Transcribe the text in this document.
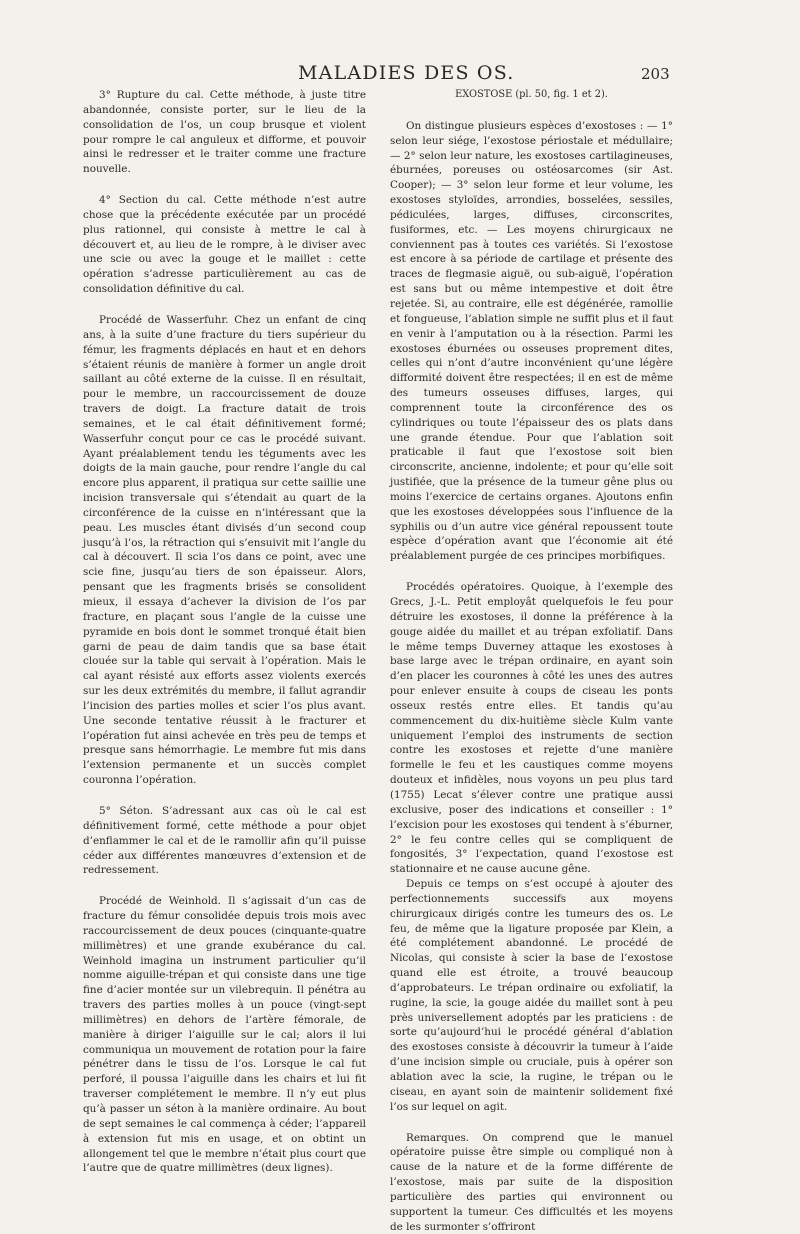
MALADIES DES OS.	203

3° Rupture du cal. Cette méthode, à juste titre abandonnée, consiste porter, sur le lieu de la consolidation de l’os, un coup brusque et violent pour rompre le cal anguleux et difforme, et pouvoir ainsi le redresser et le traiter comme une fracture nouvelle.

4° Section du cal. Cette méthode n’est autre chose que la précédente exécutée par un procédé plus rationnel, qui consiste à mettre le cal à découvert et, au lieu de le rompre, à le diviser avec une scie ou avec la gouge et le maillet : cette opération s’adresse particulièrement au cas de consolidation définitive du cal.

Procédé de Wasserfuhr. Chez un enfant de cinq ans, à la suite d’une fracture du tiers supérieur du fémur, les fragments déplacés en haut et en dehors s’étaient réunis de manière à former un angle droit saillant au côté externe de la cuisse. Il en résultait, pour le membre, un raccourcissement de douze travers de doigt. La fracture datait de trois semaines, et le cal était définitivement formé; Wasserfuhr conçut pour ce cas le procédé suivant. Ayant préalablement tendu les téguments avec les doigts de la main gauche, pour rendre l’angle du cal encore plus apparent, il pratiqua sur cette saillie une incision transversale qui s’étendait au quart de la circonférence de la cuisse en n’intéressant que la peau. Les muscles étant divisés d’un second coup jusqu’à l’os, la rétraction qui s’ensuivit mit l’angle du cal à découvert. Il scia l’os dans ce point, avec une scie fine, jusqu’au tiers de son épaisseur. Alors, pensant que les fragments brisés se consolident mieux, il essaya d’achever la division de l’os par fracture, en plaçant sous l’angle de la cuisse une pyramide en bois dont le sommet tronqué était bien garni de peau de daim tandis que sa base était clouée sur la table qui servait à l’opération. Mais le cal ayant résisté aux efforts assez violents exercés sur les deux extrémités du membre, il fallut agrandir l’incision des parties molles et scier l’os plus avant. Une seconde tentative réussit à le fracturer et l’opération fut ainsi achevée en très peu de temps et presque sans hémorrhagie. Le membre fut mis dans l’extension permanente et un succès complet couronna l’opération.

5° Séton. S’adressant aux cas où le cal est définitivement formé, cette méthode a pour objet d’enflammer le cal et de le ramollir afin qu’il puisse céder aux différentes manœuvres d’extension et de redressement.

Procédé de Weinhold. Il s’agissait d’un cas de fracture du fémur consolidée depuis trois mois avec raccourcissement de deux pouces (cinquante-quatre millimètres) et une grande exubérance du cal. Weinhold imagina un instrument particulier qu’il nomme aiguille-trépan et qui consiste dans une tige fine d’acier montée sur un vilebrequin. Il pénétra au travers des parties molles à un pouce (vingt-sept millimètres) en dehors de l’artère fémorale, de manière à diriger l’aiguille sur le cal; alors il lui communiqua un mouvement de rotation pour la faire pénétrer dans le tissu de l’os. Lorsque le cal fut perforé, il poussa l’aiguille dans les chairs et lui fit traverser complétement le membre. Il n’y eut plus qu’à passer un séton à la manière ordinaire. Au bout de sept semaines le cal commença à céder; l’appareil à extension fut mis en usage, et on obtint un allongement tel que le membre n’était plus court que l’autre que de quatre millimètres (deux lignes).

EXOSTOSE (pl. 50, fig. 1 et 2).

On distingue plusieurs espèces d’exostoses : — 1° selon leur siége, l’exostose périostale et médullaire; — 2° selon leur nature, les exostoses cartilagineuses, éburnées, poreuses ou ostéosarcomes (sir Ast. Cooper); — 3° selon leur forme et leur volume, les exostoses styloïdes, arrondies, bosselées, sessiles, pédiculées, larges, diffuses, circonscrites, fusiformes, etc. — Les moyens chirurgicaux ne conviennent pas à toutes ces variétés. Si l’exostose est encore à sa période de cartilage et présente des traces de flegmasie aiguë, ou sub-aiguë, l’opération est sans but ou même intempestive et doit être rejetée. Si, au contraire, elle est dégénérée, ramollie et fongueuse, l’ablation simple ne suffit plus et il faut en venir à l’amputation ou à la résection. Parmi les exostoses éburnées ou osseuses proprement dites, celles qui n’ont d’autre inconvénient qu’une légère difformité doivent être respectées; il en est de même des tumeurs osseuses diffuses, larges, qui comprennent toute la circonférence des os cylindriques ou toute l’épaisseur des os plats dans une grande étendue. Pour que l’ablation soit praticable il faut que l’exostose soit bien circonscrite, ancienne, indolente; et pour qu’elle soit justifiée, que la présence de la tumeur gêne plus ou moins l’exercice de certains organes. Ajoutons enfin que les exostoses développées sous l’influence de la syphilis ou d’un autre vice général repoussent toute espèce d’opération avant que l’économie ait été préalablement purgée de ces principes morbifiques.

Procédés opératoires. Quoique, à l’exemple des Grecs, J.-L. Petit employât quelquefois le feu pour détruire les exostoses, il donne la préférence à la gouge aidée du maillet et au trépan exfoliatif. Dans le même temps Duverney attaque les exostoses à base large avec le trépan ordinaire, en ayant soin d’en placer les couronnes à côté les unes des autres pour enlever ensuite à coups de ciseau les ponts osseux restés entre elles. Et tandis qu’au commencement du dix-huitième siècle Kulm vante uniquement l’emploi des instruments de section contre les exostoses et rejette d’une manière formelle le feu et les caustiques comme moyens douteux et infidèles, nous voyons un peu plus tard (1755) Lecat s’élever contre une pratique aussi exclusive, poser des indications et conseiller : 1° l’excision pour les exostoses qui tendent à s’éburner, 2° le feu contre celles qui se compliquent de fongosités, 3° l’expectation, quand l’exostose est stationnaire et ne cause aucune gêne.

Depuis ce temps on s’est occupé à ajouter des perfectionnements successifs aux moyens chirurgicaux dirigés contre les tumeurs des os. Le feu, de même que la ligature proposée par Klein, a été complétement abandonné. Le procédé de Nicolas, qui consiste à scier la base de l’exostose quand elle est étroite, a trouvé beaucoup d’approbateurs. Le trépan ordinaire ou exfoliatif, la rugine, la scie, la gouge aidée du maillet sont à peu près universellement adoptés par les praticiens : de sorte qu’aujourd’hui le procédé général d’ablation des exostoses consiste à découvrir la tumeur à l’aide d’une incision simple ou cruciale, puis à opérer son ablation avec la scie, la rugine, le trépan ou le ciseau, en ayant soin de maintenir solidement fixé l’os sur lequel on agit.

Remarques. On comprend que le manuel opératoire puisse être simple ou compliqué non à cause de la nature et de la forme différente de l’exostose, mais par suite de la disposition particulière des parties qui environnent ou supportent la tumeur. Ces difficultés et les moyens de les surmonter s’offriront
